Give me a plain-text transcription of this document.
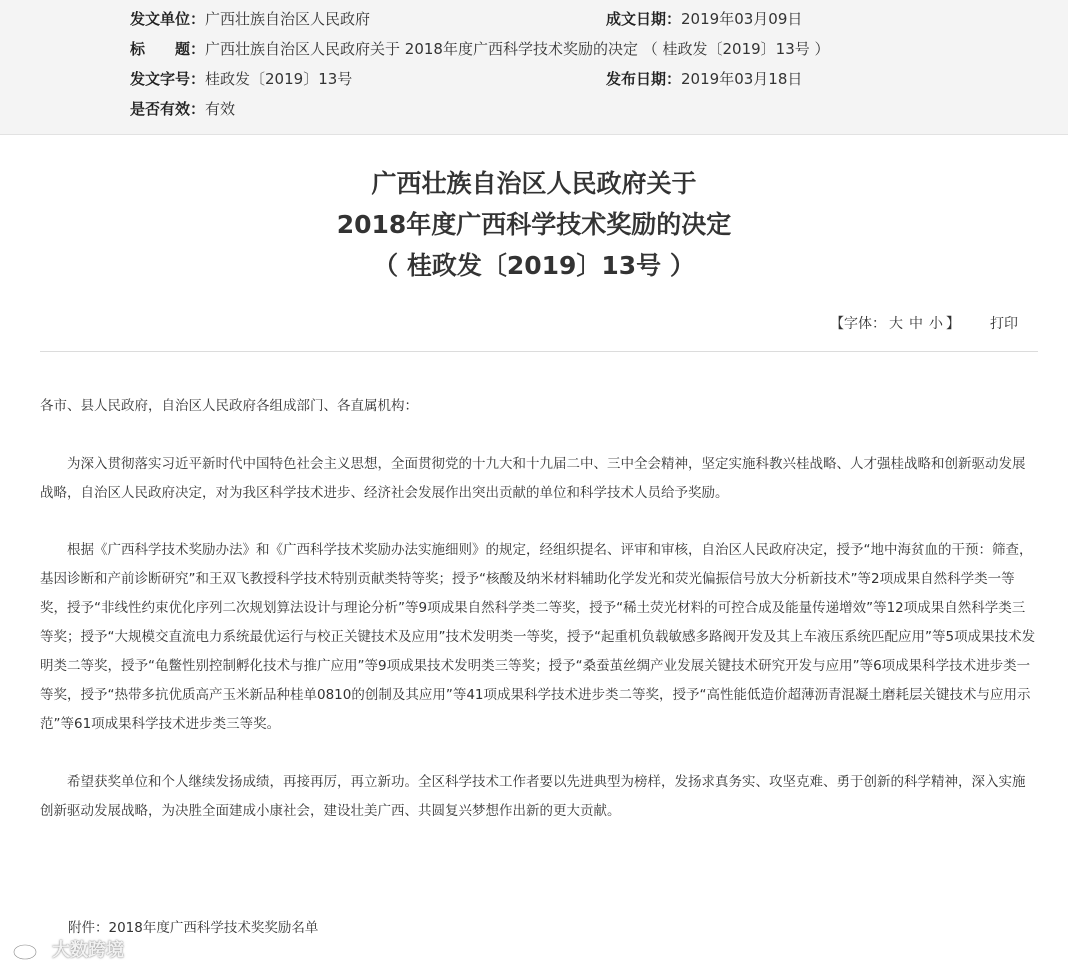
发文单位：广西壮族自治区人民政府	成文日期：2019年03月09日
标　　题：广西壮族自治区人民政府关于 2018年度广西科学技术奖励的决定 （ 桂政发〔2019〕13号 ）
发文字号：桂政发〔2019〕13号	发布日期：2019年03月18日
是否有效：有效
广西壮族自治区人民政府关于
2018年度广西科学技术奖励的决定
（ 桂政发〔2019〕13号 ）
【字体： 大 中 小 】 打印
各市、县人民政府，自治区人民政府各组成部门、各直属机构：

为深入贯彻落实习近平新时代中国特色社会主义思想，全面贯彻党的十九大和十九届二中、三中全会精神，坚定实施科教兴桂战略、人才强桂战略和创新驱动发展战略，自治区人民政府决定，对为我区科学技术进步、经济社会发展作出突出贡献的单位和科学技术人员给予奖励。

根据《广西科学技术奖励办法》和《广西科学技术奖励办法实施细则》的规定，经组织提名、评审和审核，自治区人民政府决定，授予“地中海贫血的干预：筛查，基因诊断和产前诊断研究”和王双飞教授科学技术特别贡献类特等奖；授予“核酸及纳米材料辅助化学发光和荧光偏振信号放大分析新技术”等2项成果自然科学类一等奖，授予“非线性约束优化序列二次规划算法设计与理论分析”等9项成果自然科学类二等奖，授予“稀土荧光材料的可控合成及能量传递增效”等12项成果自然科学类三等奖；授予“大规模交直流电力系统最优运行与校正关键技术及应用”技术发明类一等奖，授予“起重机负载敏感多路阀开发及其上车液压系统匹配应用”等5项成果技术发明类二等奖，授予“龟鳖性别控制孵化技术与推广应用”等9项成果技术发明类三等奖；授予“桑蚕茧丝绸产业发展关键技术研究开发与应用”等6项成果科学技术进步类一等奖，授予“热带多抗优质高产玉米新品种桂单0810的创制及其应用”等41项成果科学技术进步类二等奖，授予“高性能低造价超薄沥青混凝土磨耗层关键技术与应用示范”等61项成果科学技术进步类三等奖。

希望获奖单位和个人继续发扬成绩，再接再厉，再立新功。全区科学技术工作者要以先进典型为榜样，发扬求真务实、攻坚克难、勇于创新的科学精神，深入实施创新驱动发展战略，为决胜全面建成小康社会，建设壮美广西、共圆复兴梦想作出新的更大贡献。

附件：2018年度广西科学技术奖奖励名单
大数跨境
